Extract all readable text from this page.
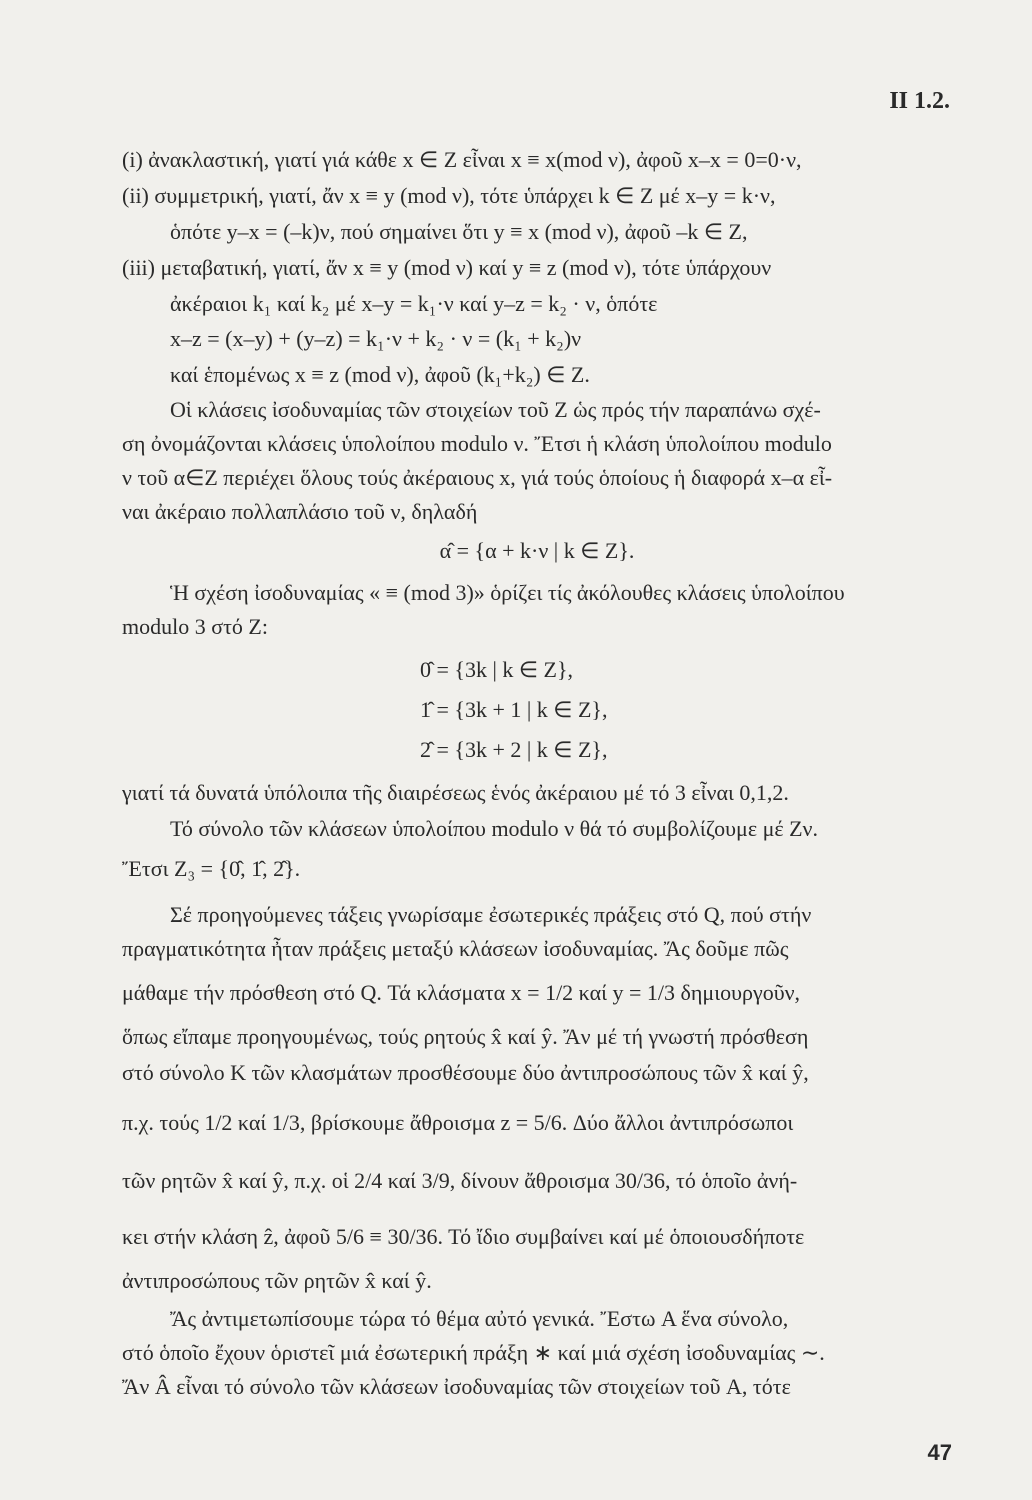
II 1.2.
(i) ἀνακλαστική, γιατί γιά κάθε x ∈ Z εἶναι x ≡ x(mod ν), ἀφοῦ x–x = 0=0·ν,
(ii) συμμετρική, γιατί, ἄν x ≡ y (mod ν), τότε ὑπάρχει k ∈ Z μέ x–y = k·ν,
ὁπότε y–x = (–k)ν, πού σημαίνει ὅτι y ≡ x (mod ν), ἀφοῦ –k ∈ Z,
(iii) μεταβατική, γιατί, ἄν x ≡ y (mod ν) καί y ≡ z (mod ν), τότε ὑπάρχουν
ἀκέραιοι k₁ καί k₂ μέ x–y = k₁·ν καί y–z = k₂ · ν, ὁπότε
x–z = (x–y) + (y–z) = k₁·ν + k₂ · ν = (k₁ + k₂)ν
καί ἑπομένως x ≡ z (mod ν), ἀφοῦ (k₁+k₂) ∈ Z.
Οἱ κλάσεις ἰσοδυναμίας τῶν στοιχείων τοῦ Z ὡς πρός τήν παραπάνω σχέ-
ση ὀνομάζονται κλάσεις ὑπολοίπου modulo ν. Ἔτσι ἡ κλάση ὑπολοίπου modulo
ν τοῦ α∈Z περιέχει ὅλους τούς ἀκέραιους x, γιά τούς ὁποίους ἡ διαφορά x–α εἶ-
ναι ἀκέραιο πολλαπλάσιο τοῦ ν, δηλαδή
α̂ = {α + k·ν | k ∈ Z}.
Ἡ σχέση ἰσοδυναμίας « ≡ (mod 3)» ὁρίζει τίς ἀκόλουθες κλάσεις ὑπολοίπου
modulo 3 στό Z:
0̂ = {3k | k ∈ Z},
1̂ = {3k + 1 | k ∈ Z},
2̂ = {3k + 2 | k ∈ Z},
γιατί τά δυνατά ὑπόλοιπα τῆς διαιρέσεως ἑνός ἀκέραιου μέ τό 3 εἶναι 0,1,2.
Τό σύνολο τῶν κλάσεων ὑπολοίπου modulo ν θά τό συμβολίζουμε μέ Zν.
Ἔτσι Z₃ = {0̂, 1̂, 2̂}.
Σέ προηγούμενες τάξεις γνωρίσαμε ἐσωτερικές πράξεις στό Q, πού στήν
πραγματικότητα ἦταν πράξεις μεταξύ κλάσεων ἰσοδυναμίας. Ἄς δοῦμε πῶς
μάθαμε τήν πρόσθεση στό Q. Τά κλάσματα x = 1/2 καί y = 1/3 δημιουργοῦν,
ὅπως εἴπαμε προηγουμένως, τούς ρητούς x̂ καί ŷ. Ἄν μέ τή γνωστή πρόσθεση
στό σύνολο K τῶν κλασμάτων προσθέσουμε δύο ἀντιπροσώπους τῶν x̂ καί ŷ,
π.χ. τούς 1/2 καί 1/3, βρίσκουμε ἄθροισμα z = 5/6. Δύο ἄλλοι ἀντιπρόσωποι
τῶν ρητῶν x̂ καί ŷ, π.χ. οἱ 2/4 καί 3/9, δίνουν ἄθροισμα 30/36, τό ὁποῖο ἀνή-
κει στήν κλάση ẑ, ἀφοῦ 5/6 ≡ 30/36. Τό ἴδιο συμβαίνει καί μέ ὁποιουσδήποτε
ἀντιπροσώπους τῶν ρητῶν x̂ καί ŷ.
Ἄς ἀντιμετωπίσουμε τώρα τό θέμα αὐτό γενικά. Ἔστω A ἕνα σύνολο,
στό ὁποῖο ἔχουν ὁριστεῖ μιά ἐσωτερική πράξη ∗ καί μιά σχέση ἰσοδυναμίας ∼.
Ἄν Â εἶναι τό σύνολο τῶν κλάσεων ἰσοδυναμίας τῶν στοιχείων τοῦ A, τότε
47
